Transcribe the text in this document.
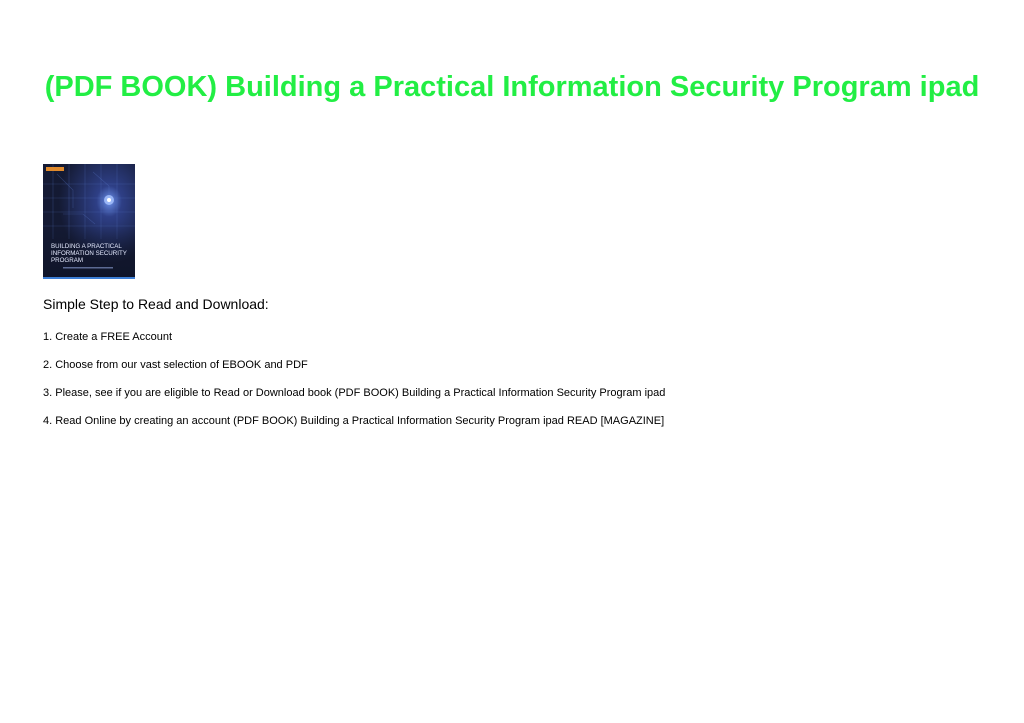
(PDF BOOK) Building a Practical Information Security Program ipad
BUILDING A PRACTICAL
INFORMATION SECURITY
PROGRAM

Simple Step to Read and Download:

1. Create a FREE Account
2. Choose from our vast selection of EBOOK and PDF
3. Please, see if you are eligible to Read or Download book (PDF BOOK) Building a Practical Information Security Program ipad
4. Read Online by creating an account (PDF BOOK) Building a Practical Information Security Program ipad READ [MAGAZINE]
